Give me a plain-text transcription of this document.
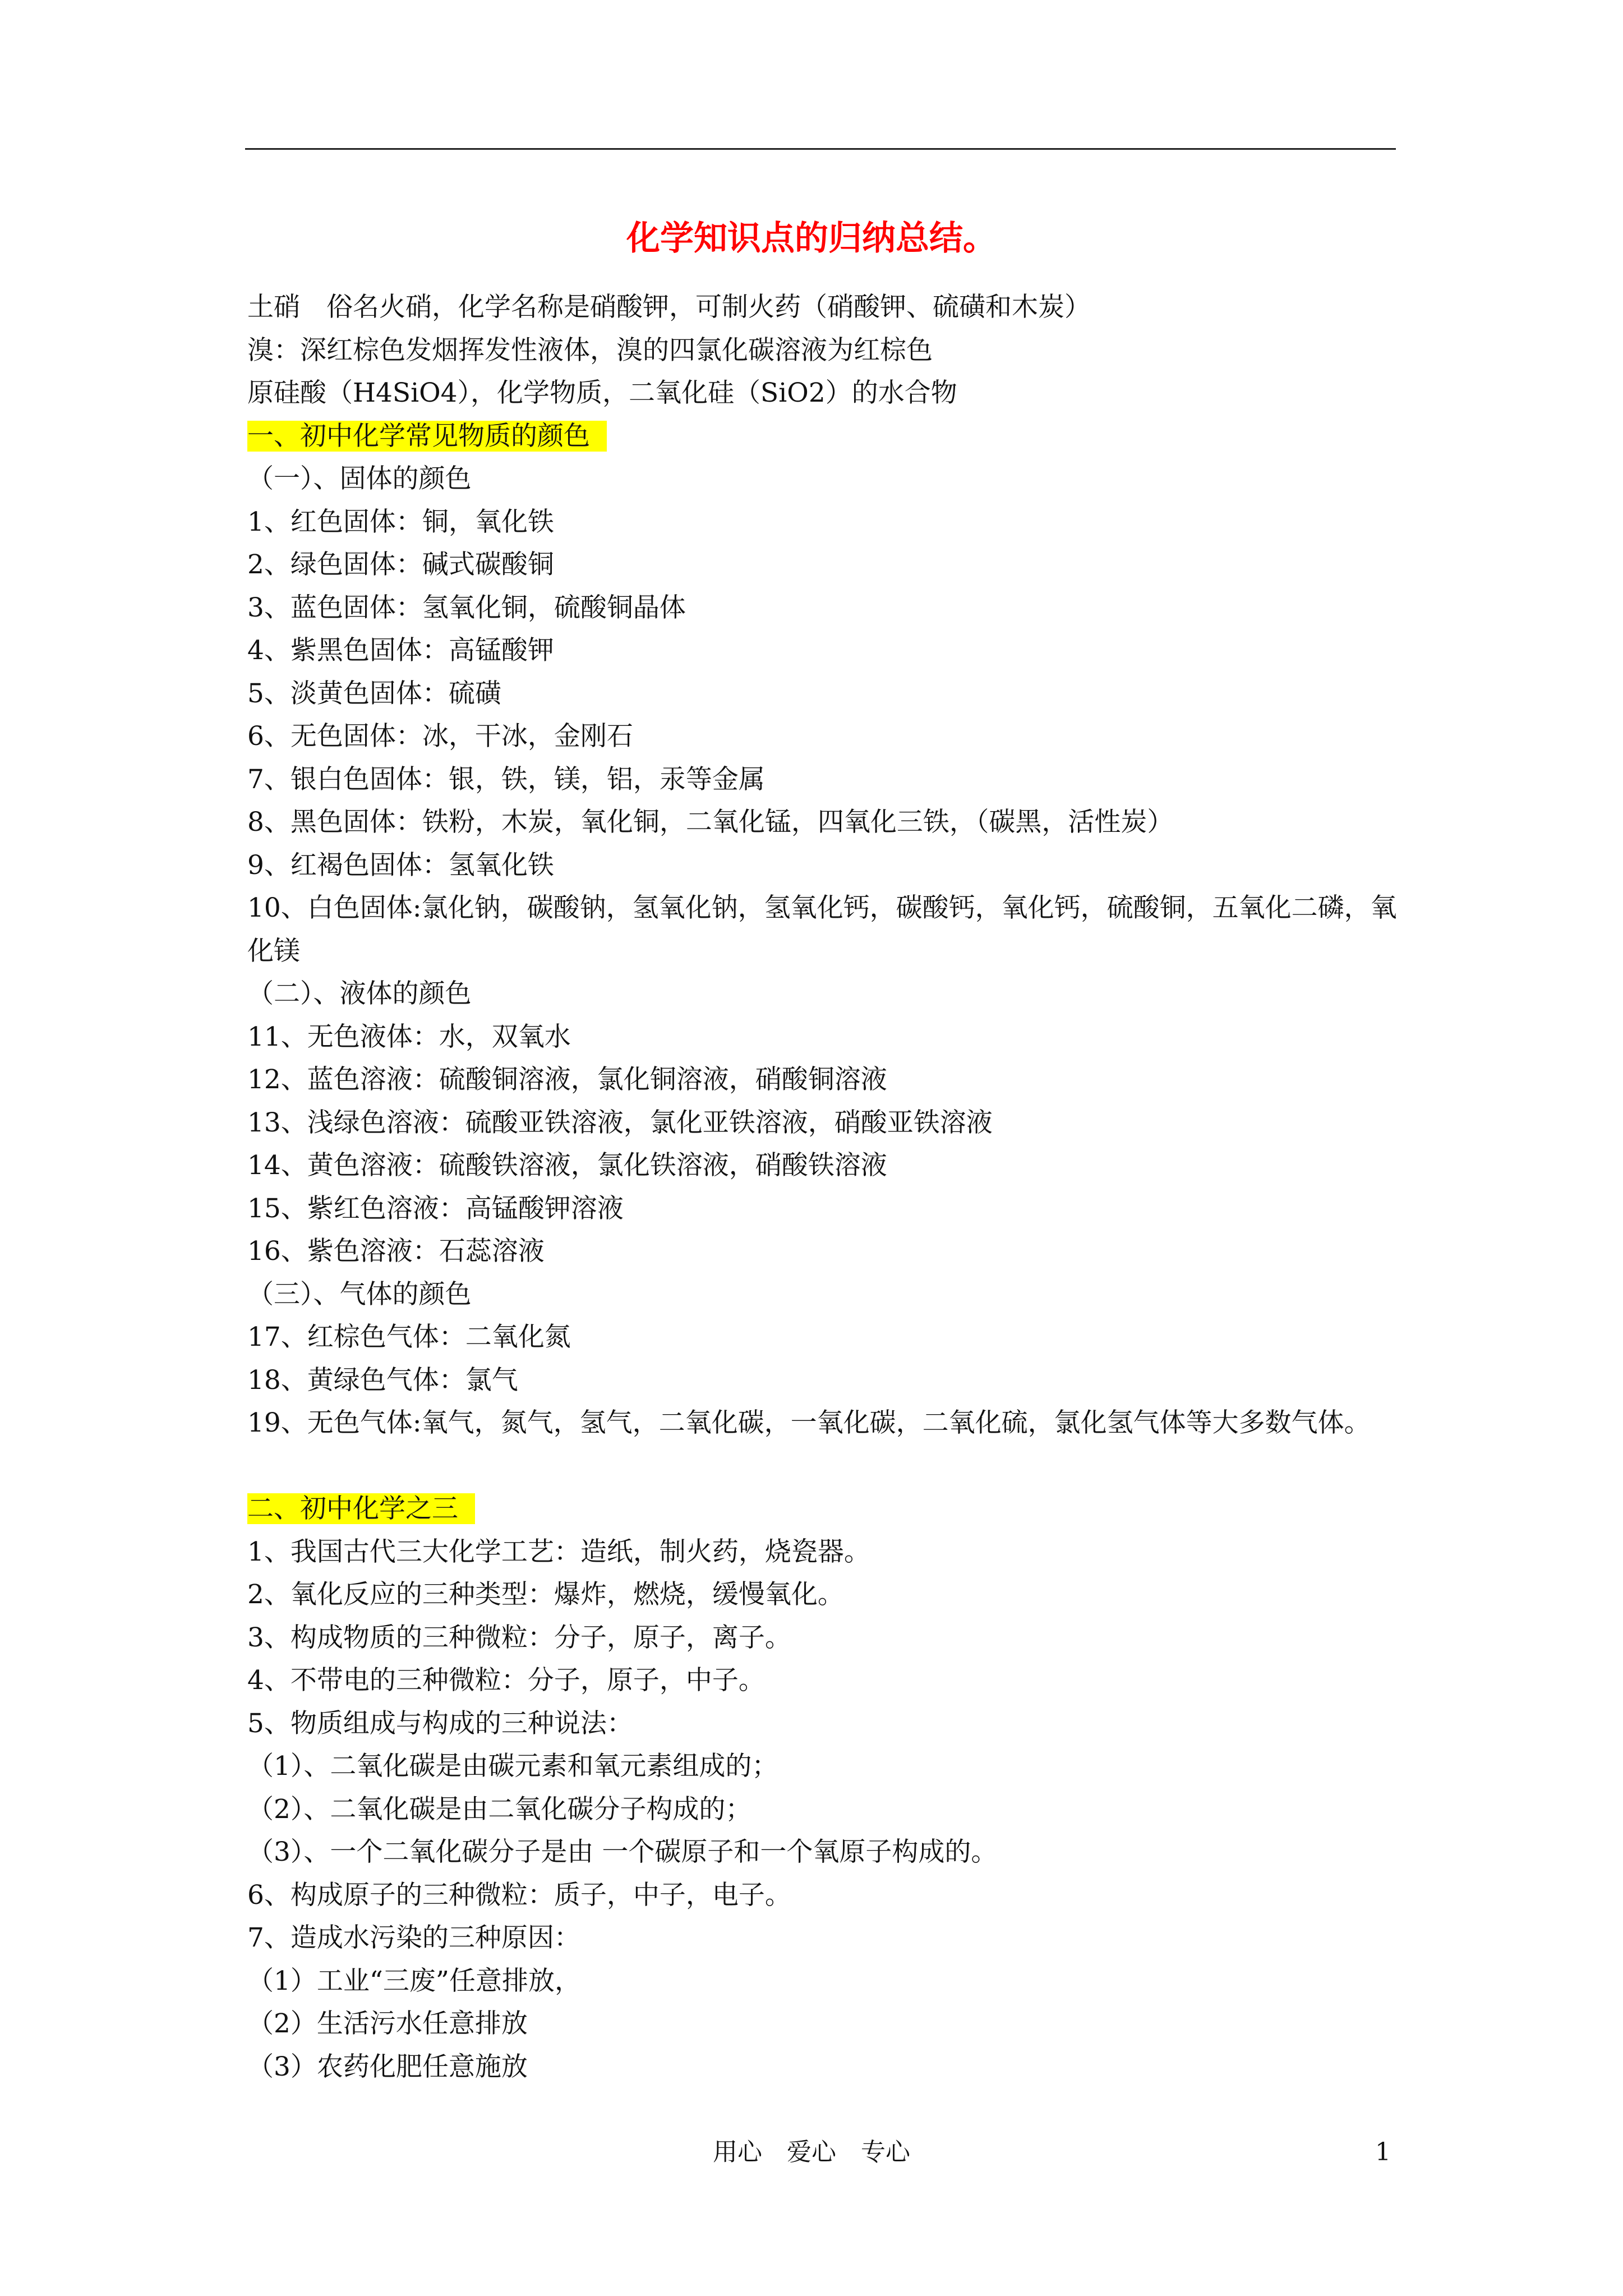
化学知识点的归纳总结。
土硝　俗名火硝，化学名称是硝酸钾，可制火药（硝酸钾、硫磺和木炭）
溴：深红棕色发烟挥发性液体，溴的四氯化碳溶液为红棕色
原硅酸（H4SiO4），化学物质，二氧化硅（SiO2）的水合物
一、初中化学常见物质的颜色
（一）、固体的颜色
1、红色固体：铜，氧化铁
2、绿色固体：碱式碳酸铜
3、蓝色固体：氢氧化铜，硫酸铜晶体
4、紫黑色固体：高锰酸钾
5、淡黄色固体：硫磺
6、无色固体：冰，干冰，金刚石
7、银白色固体：银，铁，镁，铝，汞等金属
8、黑色固体：铁粉，木炭，氧化铜，二氧化锰，四氧化三铁，（碳黑，活性炭）
9、红褐色固体：氢氧化铁
10、白色固体:氯化钠，碳酸钠，氢氧化钠，氢氧化钙，碳酸钙，氧化钙，硫酸铜，五氧化二磷，氧化镁
（二）、液体的颜色
11、无色液体：水，双氧水
12、蓝色溶液：硫酸铜溶液，氯化铜溶液，硝酸铜溶液
13、浅绿色溶液：硫酸亚铁溶液，氯化亚铁溶液，硝酸亚铁溶液
14、黄色溶液：硫酸铁溶液，氯化铁溶液，硝酸铁溶液
15、紫红色溶液：高锰酸钾溶液
16、紫色溶液：石蕊溶液
（三）、气体的颜色
17、红棕色气体：二氧化氮
18、黄绿色气体：氯气
19、无色气体:氧气，氮气，氢气，二氧化碳，一氧化碳，二氧化硫，氯化氢气体等大多数气体。
二、初中化学之三
1、我国古代三大化学工艺：造纸，制火药，烧瓷器。
2、氧化反应的三种类型：爆炸，燃烧，缓慢氧化。
3、构成物质的三种微粒：分子，原子，离子。
4、不带电的三种微粒：分子，原子，中子。
5、物质组成与构成的三种说法：
（1）、二氧化碳是由碳元素和氧元素组成的；
（2）、二氧化碳是由二氧化碳分子构成的；
（3）、一个二氧化碳分子是由 一个碳原子和一个氧原子构成的。
6、构成原子的三种微粒：质子，中子，电子。
7、造成水污染的三种原因：
（1）工业“三废”任意排放，
（2）生活污水任意排放
（3）农药化肥任意施放
用心　爱心　专心	1
